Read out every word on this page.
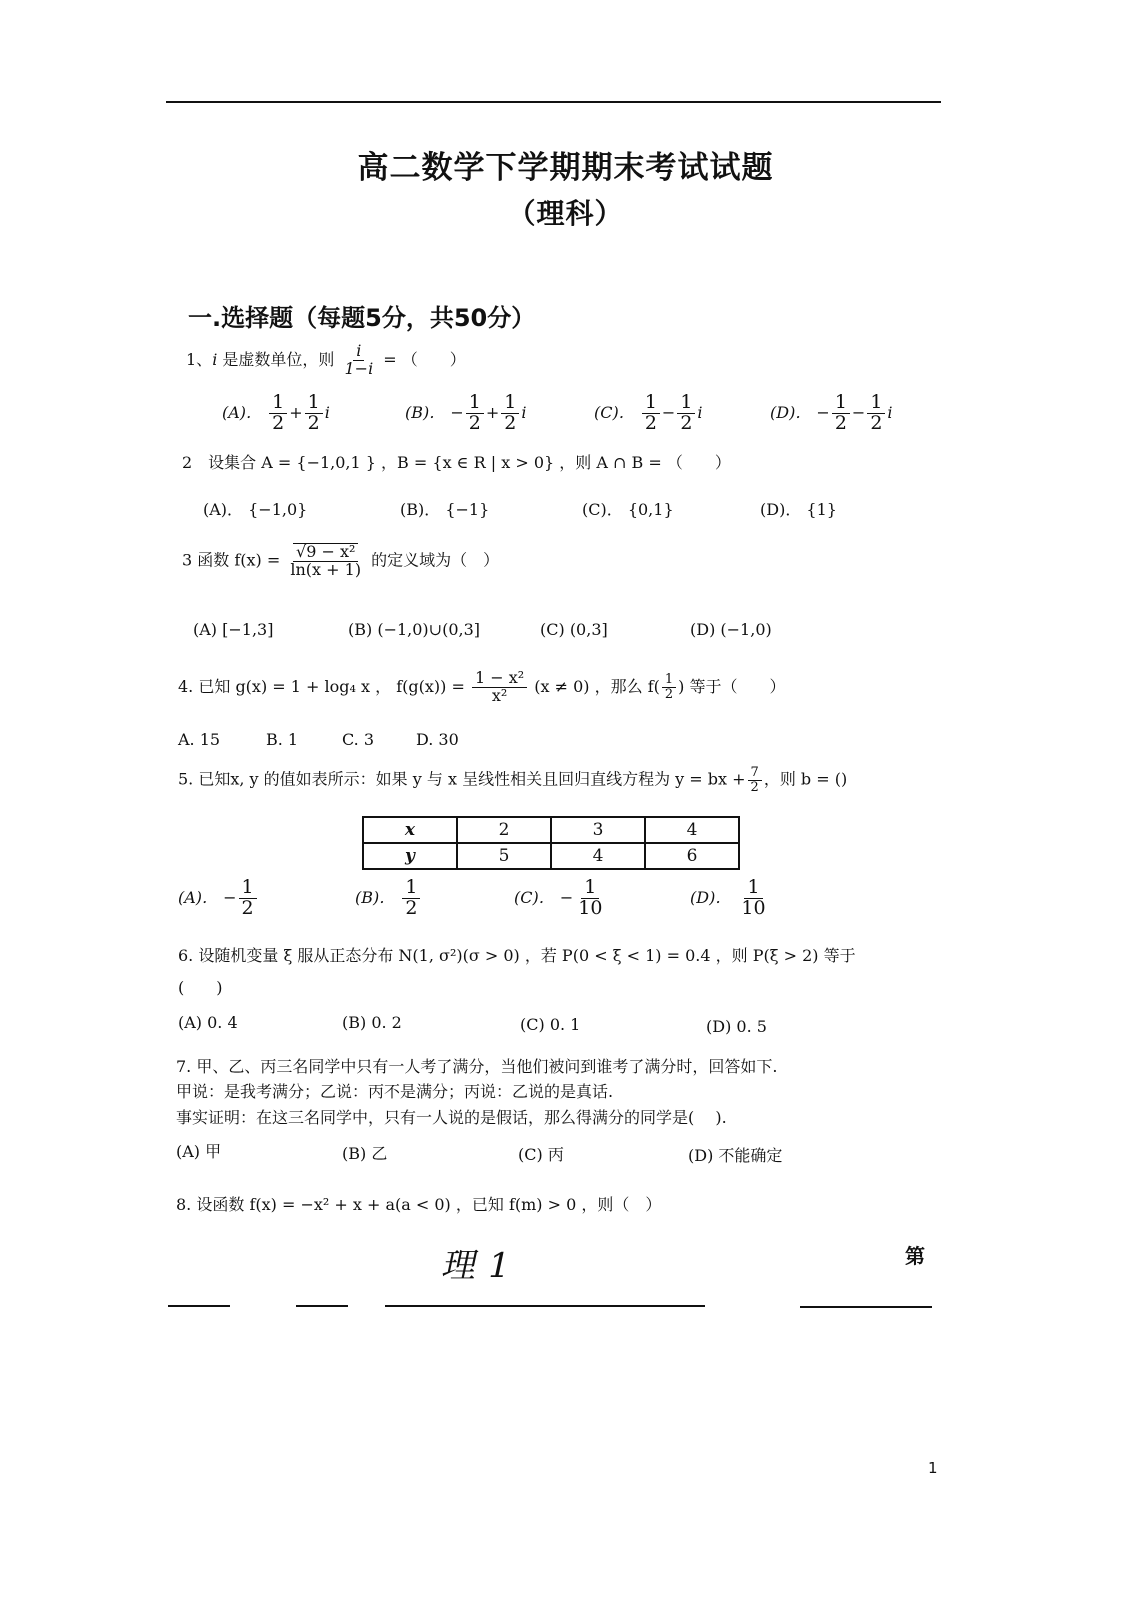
高二数学下学期期末考试试题
（理科）
一.选择题（每题5分，共50分）
1、i 是虚数单位，则 $\frac{i}{1-i}$ = （　　）
(A)． $\frac{1}{2} + \frac{1}{2}$ i	(B)． − $\frac{1}{2} + \frac{1}{2}$ i	(C)． $\frac{1}{2} - \frac{1}{2}$ i	(D)． − $\frac{1}{2} - \frac{1}{2}$ i
2　设集合 A = {−1,0,1 } ，B = {x ∈ R | x > 0} ，则 A ∩ B = （　　）
(A)． {−1,0}	(B)． {−1}	(C)． {0,1}	(D)． {1}
3 函数 $f(x) = \frac{\text{√9 − x²}}{\ln(x + 1)}$ 的定义域为（　）
(A) [−1,3]	(B) (−1,0)∪(0,3]	(C) (0,3]	(D) (−1,0)
4. 已知 g(x) = 1 + log₄ x ， $f(g(x)) = \frac{\text{1 − x²}}{\text{x²}} (x \ne 0)$ ，那么 $f( \frac{1}{2}$ ) 等于（　　）
A. 15	B. 1	C. 3	D. 30
5. 已知x, y 的值如表所示：如果 y 与 x 呈线性相关且回归直线方程为 y = bx + $\frac{7}{2}$ ，则 b = ()
x	2	3	4
y	5	4	6
(A)． − $\frac{1}{2}$	(B)． $\frac{1}{2}$	(C)． − $\frac{1}{10}$	(D)． $\frac{1}{10}$
6. 设随机变量 ξ 服从正态分布 N(1, σ²)(σ > 0) ，若 P(0 < ξ < 1) = 0.4 ，则 P(ξ > 2) 等于
(　　)
(A) 0. 4	(B) 0. 2	(C) 0. 1	(D) 0. 5
7. 甲、乙、丙三名同学中只有一人考了满分，当他们被问到谁考了满分时，回答如下.
甲说：是我考满分；乙说：丙不是满分；丙说：乙说的是真话.
事实证明：在这三名同学中，只有一人说的是假话，那么得满分的同学是(　 ).
(A) 甲	(B) 乙	(C) 丙	(D) 不能确定
8. 设函数 f(x) = −x² + x + a(a < 0) ，已知 f(m) > 0 ，则（　）
理 1	第
1
